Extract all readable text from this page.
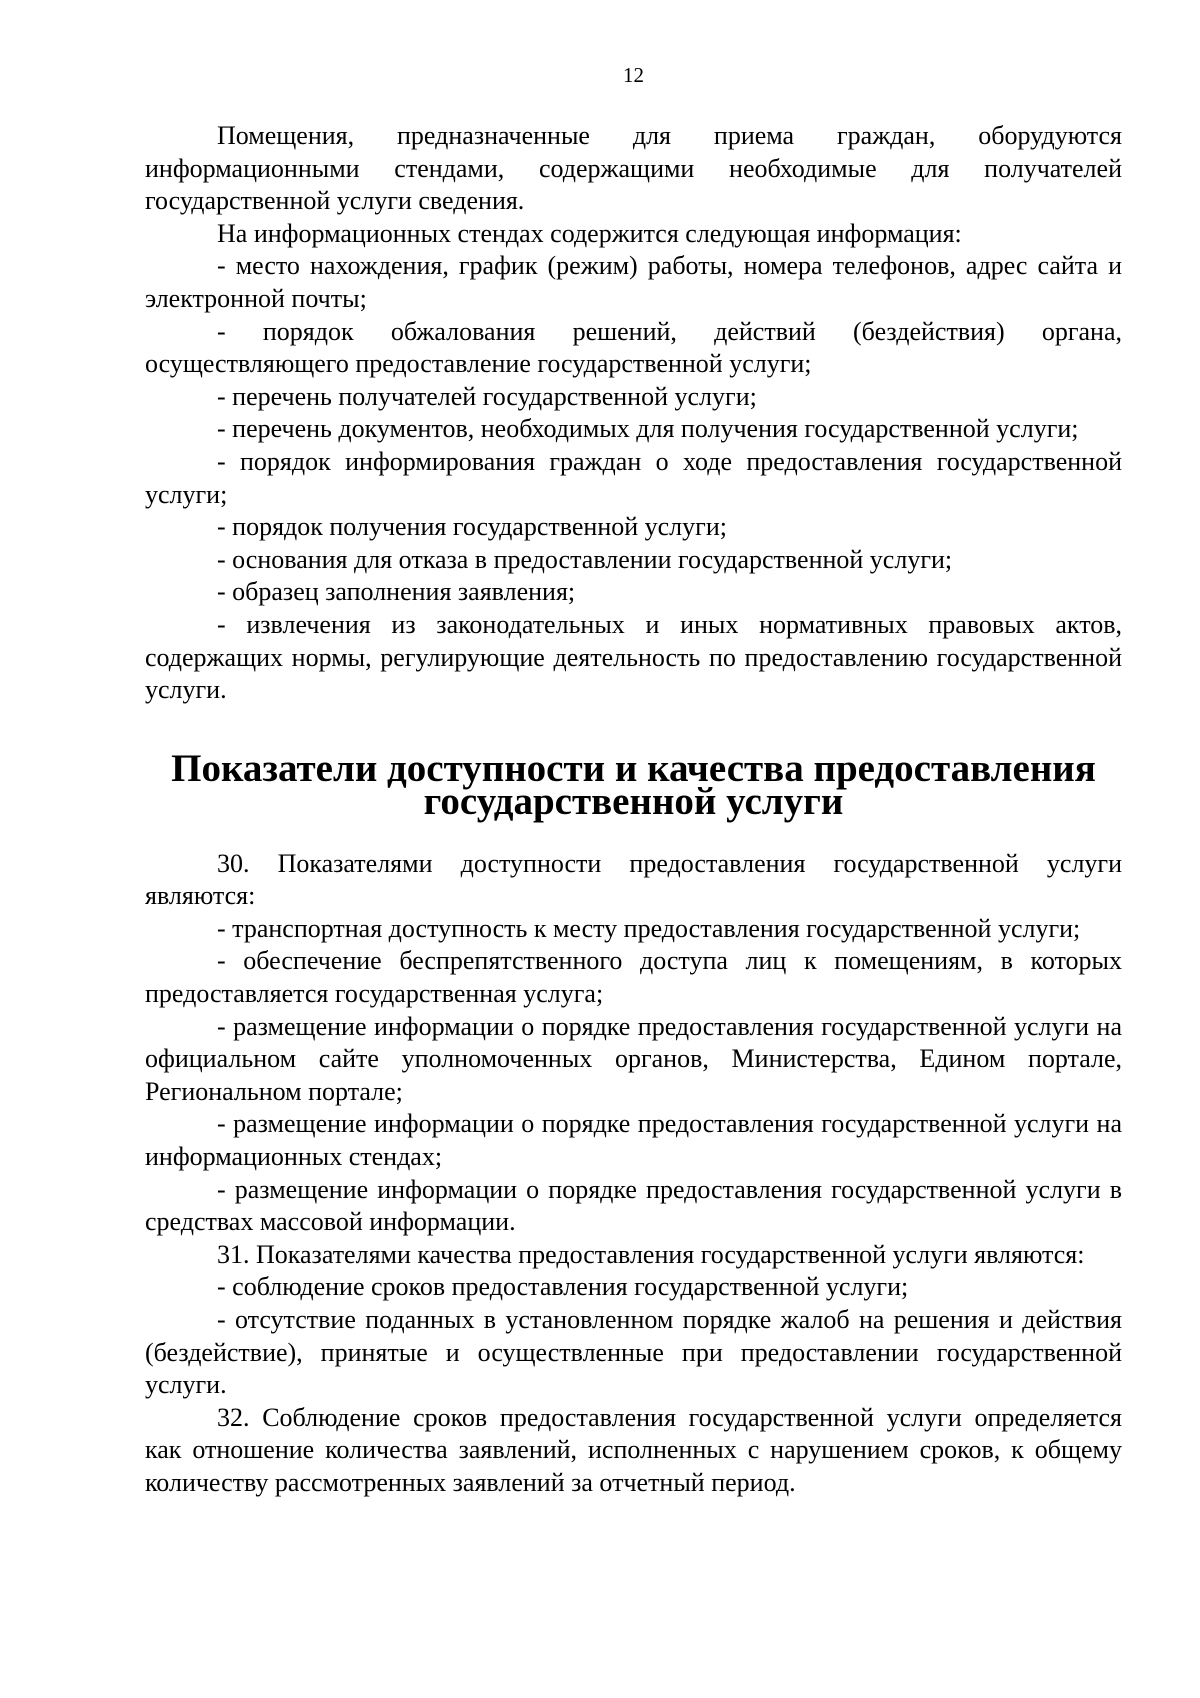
12

Помещения, предназначенные для приема граждан, оборудуются информационными стендами, содержащими необходимые для получателей государственной услуги сведения.

На информационных стендах содержится следующая информация:

- место нахождения, график (режим) работы, номера телефонов, адрес сайта и электронной почты;

- порядок обжалования решений, действий (бездействия) органа, осуществляющего предоставление государственной услуги;

- перечень получателей государственной услуги;

- перечень документов, необходимых для получения государственной услуги;

- порядок информирования граждан о ходе предоставления государственной услуги;

- порядок получения государственной услуги;

- основания для отказа в предоставлении государственной услуги;

- образец заполнения заявления;

- извлечения из законодательных и иных нормативных правовых актов, содержащих нормы, регулирующие деятельность по предоставлению государственной услуги.

Показатели доступности и качества предоставления
государственной услуги

30. Показателями доступности предоставления государственной услуги являются:

- транспортная доступность к месту предоставления государственной услуги;

- обеспечение беспрепятственного доступа лиц к помещениям, в которых предоставляется государственная услуга;

- размещение информации о порядке предоставления государственной услуги на официальном сайте уполномоченных органов, Министерства, Едином портале, Региональном портале;

- размещение информации о порядке предоставления государственной услуги на информационных стендах;

- размещение информации о порядке предоставления государственной услуги в средствах массовой информации.

31. Показателями качества предоставления государственной услуги являются:

- соблюдение сроков предоставления государственной услуги;

- отсутствие поданных в установленном порядке жалоб на решения и действия (бездействие), принятые и осуществленные при предоставлении государственной услуги.

32. Соблюдение сроков предоставления государственной услуги определяется как отношение количества заявлений, исполненных с нарушением сроков, к общему количеству рассмотренных заявлений за отчетный период.
